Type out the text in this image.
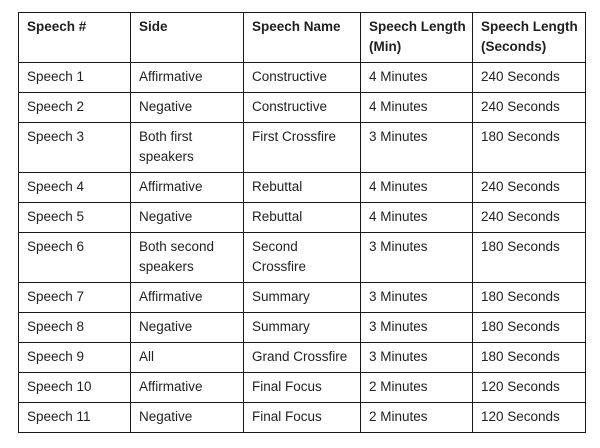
Speech #	Side	Speech Name	Speech Length (Min)	Speech Length (Seconds)
Speech 1	Affirmative	Constructive	4 Minutes	240 Seconds
Speech 2	Negative	Constructive	4 Minutes	240 Seconds
Speech 3	Both first speakers	First Crossfire	3 Minutes	180 Seconds
Speech 4	Affirmative	Rebuttal	4 Minutes	240 Seconds
Speech 5	Negative	Rebuttal	4 Minutes	240 Seconds
Speech 6	Both second speakers	Second Crossfire	3 Minutes	180 Seconds
Speech 7	Affirmative	Summary	3 Minutes	180 Seconds
Speech 8	Negative	Summary	3 Minutes	180 Seconds
Speech 9	All	Grand Crossfire	3 Minutes	180 Seconds
Speech 10	Affirmative	Final Focus	2 Minutes	120 Seconds
Speech 11	Negative	Final Focus	2 Minutes	120 Seconds
